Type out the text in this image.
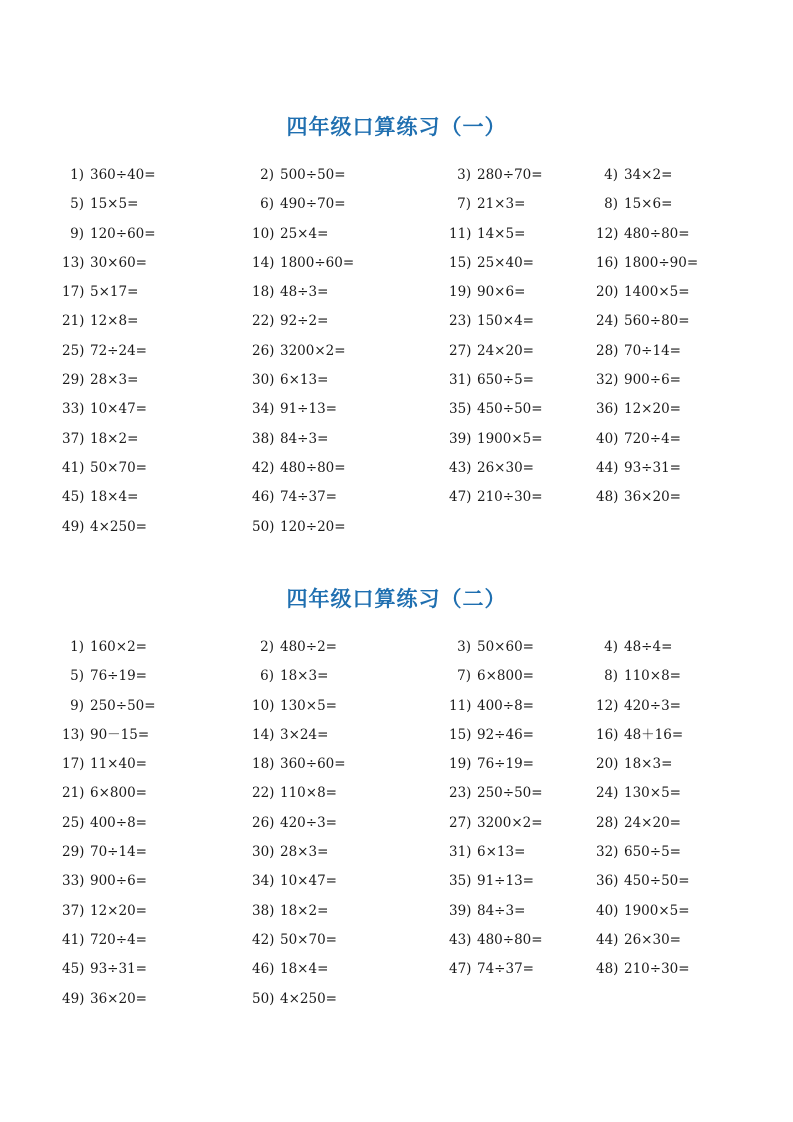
四年级口算练习（一）
1) 360÷40=	2) 500÷50=	3) 280÷70=	4) 34×2=
5) 15×5=	6) 490÷70=	7) 21×3=	8) 15×6=
9) 120÷60=	10) 25×4=	11) 14×5=	12) 480÷80=
13) 30×60=	14) 1800÷60=	15) 25×40=	16) 1800÷90=
17) 5×17=	18) 48÷3=	19) 90×6=	20) 1400×5=
21) 12×8=	22) 92÷2=	23) 150×4=	24) 560÷80=
25) 72÷24=	26) 3200×2=	27) 24×20=	28) 70÷14=
29) 28×3=	30) 6×13=	31) 650÷5=	32) 900÷6=
33) 10×47=	34) 91÷13=	35) 450÷50=	36) 12×20=
37) 18×2=	38) 84÷3=	39) 1900×5=	40) 720÷4=
41) 50×70=	42) 480÷80=	43) 26×30=	44) 93÷31=
45) 18×4=	46) 74÷37=	47) 210÷30=	48) 36×20=
49) 4×250=	50) 120÷20=
四年级口算练习（二）
1) 160×2=	2) 480÷2=	3) 50×60=	4) 48÷4=
5) 76÷19=	6) 18×3=	7) 6×800=	8) 110×8=
9) 250÷50=	10) 130×5=	11) 400÷8=	12) 420÷3=
13) 90－15=	14) 3×24=	15) 92÷46=	16) 48＋16=
17) 11×40=	18) 360÷60=	19) 76÷19=	20) 18×3=
21) 6×800=	22) 110×8=	23) 250÷50=	24) 130×5=
25) 400÷8=	26) 420÷3=	27) 3200×2=	28) 24×20=
29) 70÷14=	30) 28×3=	31) 6×13=	32) 650÷5=
33) 900÷6=	34) 10×47=	35) 91÷13=	36) 450÷50=
37) 12×20=	38) 18×2=	39) 84÷3=	40) 1900×5=
41) 720÷4=	42) 50×70=	43) 480÷80=	44) 26×30=
45) 93÷31=	46) 18×4=	47) 74÷37=	48) 210÷30=
49) 36×20=	50) 4×250=
